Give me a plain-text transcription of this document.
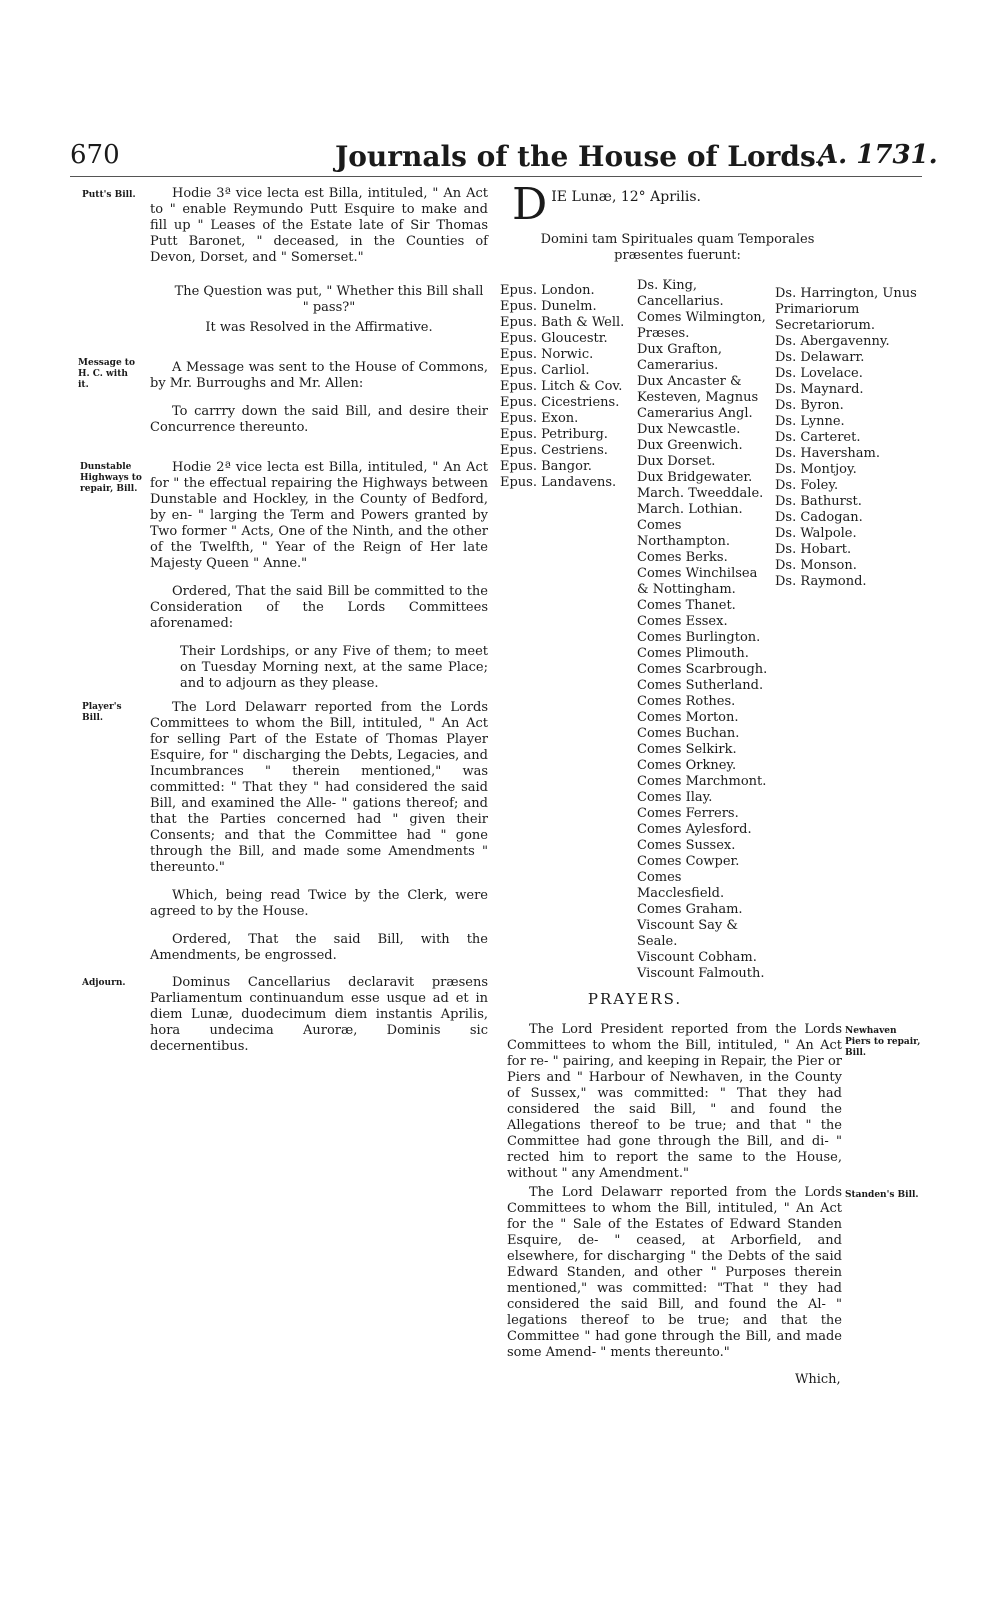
670	Journals of the House of Lords.
A. 1731.
Putt's Bill.	Hodie 3ª vice lecta est Billa, intituled, " An Act to " enable Reymundo Putt Esquire to make and fill up " Leases of the Estate late of Sir Thomas Putt Baronet, " deceased, in the Counties of Devon, Dorset, and " Somerset."

The Question was put, " Whether this Bill shall " pass?"

It was Resolved in the Affirmative.

Message to H. C. with it.

A Message was sent to the House of Commons, by Mr. Burroughs and Mr. Allen:

To carrry down the said Bill, and desire their Concurrence thereunto.

Dunstable Highways to repair, Bill.

Hodie 2ª vice lecta est Billa, intituled, " An Act for " the effectual repairing the Highways between Dunstable and Hockley, in the County of Bedford, by en- " larging the Term and Powers granted by Two former " Acts, One of the Ninth, and the other of the Twelfth, " Year of the Reign of Her late Majesty Queen " Anne."

Ordered, That the said Bill be committed to the Consideration of the Lords Committees aforenamed:

Their Lordships, or any Five of them; to meet on Tuesday Morning next, at the same Place; and to adjourn as they please.

Player's Bill.

The Lord Delawarr reported from the Lords Committees to whom the Bill, intituled, " An Act for selling Part of the Estate of Thomas Player Esquire, for " discharging the Debts, Legacies, and Incumbrances " therein mentioned," was committed: " That they " had considered the said Bill, and examined the Alle- " gations thereof; and that the Parties concerned had " given their Consents; and that the Committee had " gone through the Bill, and made some Amendments " thereunto."

Which, being read Twice by the Clerk, were agreed to by the House.

Ordered, That the said Bill, with the Amendments, be engrossed.

Adjourn.	Dominus Cancellarius declaravit præsens Parliamentum continuandum esse usque ad et in diem Lunæ, duodecimum diem instantis Aprilis, hora undecima Auroræ, Dominis sic decernentibus.

D IE Lunæ, 12° Aprilis.
Domini tam Spirituales quam Temporales præsentes fuerunt:
Epus. London.
Epus. Dunelm.
Epus. Bath & Well.
Epus. Gloucestr.
Epus. Norwic.
Epus. Carliol.
Epus. Litch & Cov.
Epus. Cicestriens.
Epus. Exon.
Epus. Petriburg.
Epus. Cestriens.
Epus. Bangor.
Epus. Landavens.
Ds. King, Cancellarius.
Comes Wilmington, Præses.
Dux Grafton, Camerarius.
Dux Ancaster & Kesteven, Magnus Camerarius Angl.
Dux Newcastle.
Dux Greenwich.
Dux Dorset.
Dux Bridgewater.
March. Tweeddale.
March. Lothian.
Comes Northampton.
Comes Berks.
Comes Winchilsea & Nottingham.
Comes Thanet.
Comes Essex.
Comes Burlington.
Comes Plimouth.
Comes Scarbrough.
Comes Sutherland.
Comes Rothes.
Comes Morton.
Comes Buchan.
Comes Selkirk.
Comes Orkney.
Comes Marchmont.
Comes Ilay.
Comes Ferrers.
Comes Aylesford.
Comes Sussex.
Comes Cowper.
Comes Macclesfield.
Comes Graham.
Viscount Say & Seale.
Viscount Cobham.
Viscount Falmouth.
Ds. Harrington, Unus Primariorum Secretariorum.
Ds. Abergavenny.
Ds. Delawarr.
Ds. Lovelace.
Ds. Maynard.
Ds. Byron.
Ds. Lynne.
Ds. Carteret.
Ds. Haversham.
Ds. Montjoy.
Ds. Foley.
Ds. Bathurst.
Ds. Cadogan.
Ds. Walpole.
Ds. Hobart.
Ds. Monson.
Ds. Raymond.
PRAYERS.

The Lord President reported from the Lords Committees to whom the Bill, intituled, " An Act for re- " pairing, and keeping in Repair, the Pier or Piers and " Harbour of Newhaven, in the County of Sussex," was committed: " That they had considered the said Bill, " and found the Allegations thereof to be true; and that " the Committee had gone through the Bill, and di- " rected him to report the same to the House, without " any Amendment."

Newhaven Piers to repair, Bill.

The Lord Delawarr reported from the Lords Committees to whom the Bill, intituled, " An Act for the " Sale of the Estates of Edward Standen Esquire, de- " ceased, at Arborfield, and elsewhere, for discharging " the Debts of the said Edward Standen, and other " Purposes therein mentioned," was committed: "That " they had considered the said Bill, and found the Al- " legations thereof to be true; and that the Committee " had gone through the Bill, and made some Amend- " ments thereunto."

Standen's Bill.
Which,
